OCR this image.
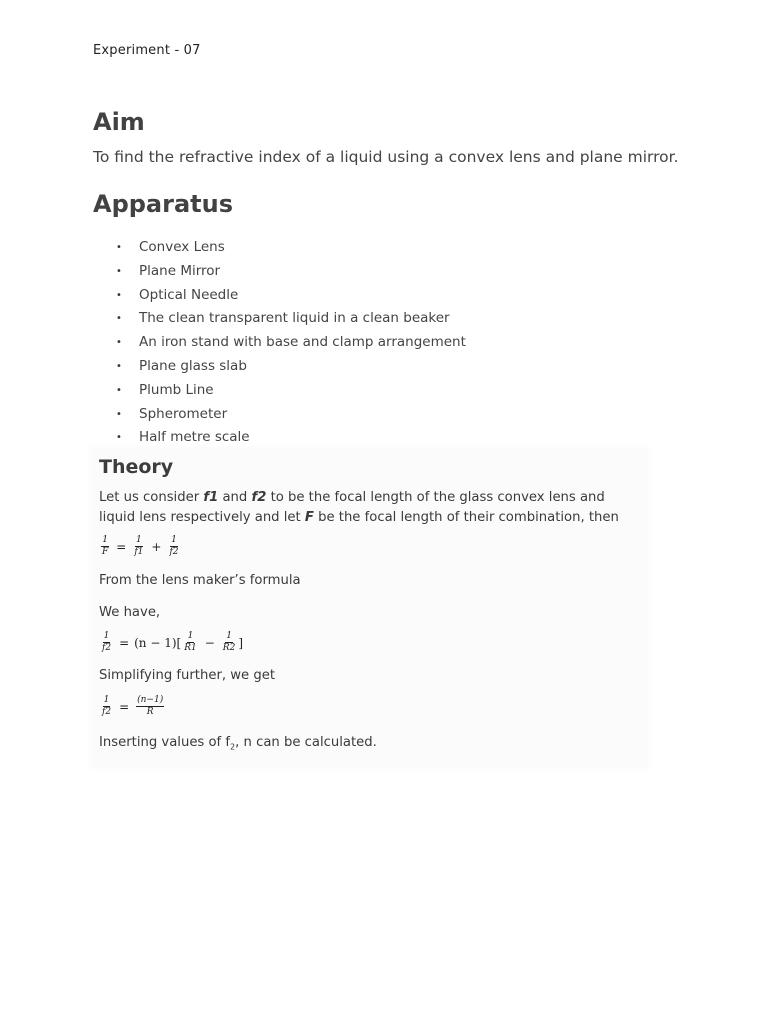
Experiment - 07
Aim

To find the refractive index of a liquid using a convex lens and plane mirror.

Apparatus
• Convex Lens
• Plane Mirror
• Optical Needle
• The clean transparent liquid in a clean beaker
• An iron stand with base and clamp arrangement
• Plane glass slab
• Plumb Line
• Spherometer
• Half metre scale
Theory
Let us consider f1 and f2 to be the focal length of the glass convex lens and liquid lens respectively and let F be the focal length of their combination, then
$\frac{1}{F} = \frac{1}{f1} + \frac{1}{f2}$
From the lens maker’s formula
We have,
$\frac{1}{f2} = (n - 1)[ \frac{1}{R1} - \frac{1}{R2}$ ]
Simplifying further, we get
$\frac{1}{f2} = \frac{(n-1)}{R}$
Inserting values of $f_2$, n can be calculated.
